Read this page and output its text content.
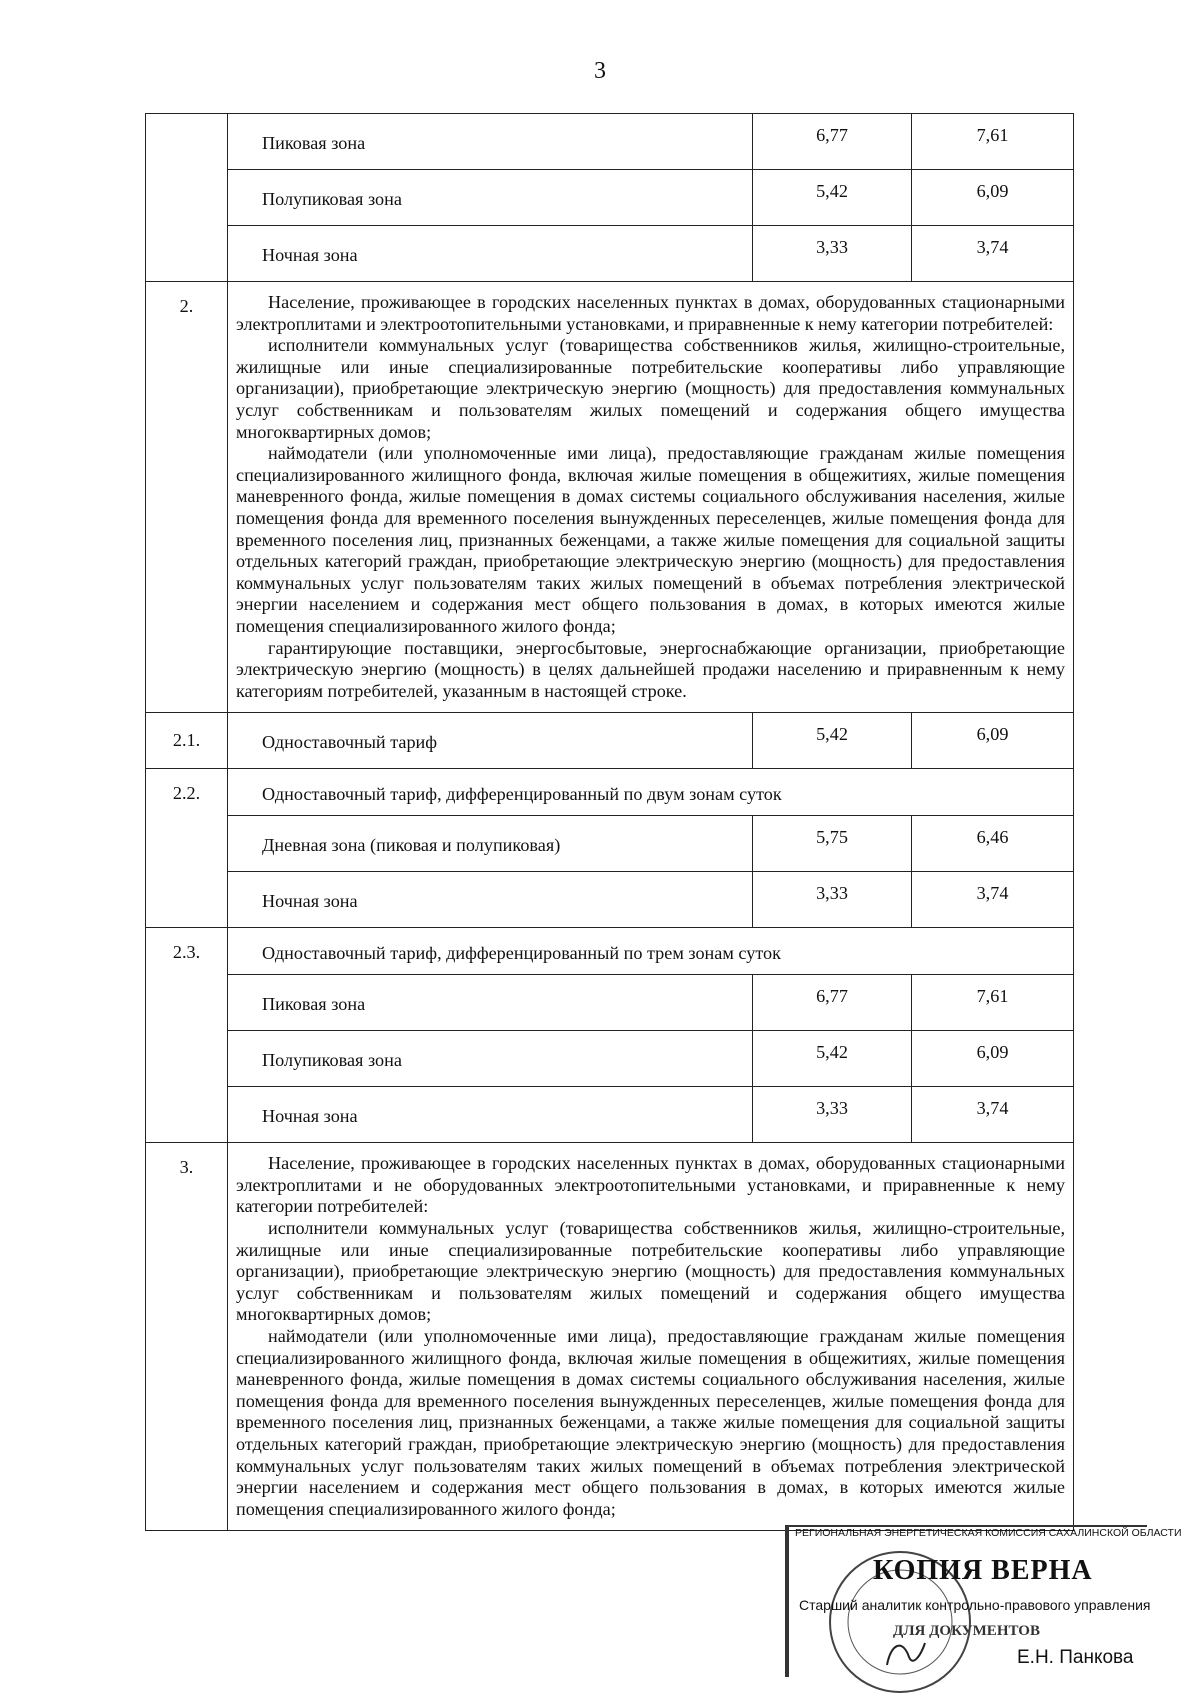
3
	Пиковая зона	6,77	7,61
	Полупиковая зона	5,42	6,09
	Ночная зона	3,33	3,74
2.	Население, проживающее в городских населенных пунктах в домах, оборудованных стационарными электроплитами и электроотопительными установками, и приравненные к нему категории потребителей:

исполнители коммунальных услуг (товарищества собственников жилья, жилищно-строительные, жилищные или иные специализированные потребительские кооперативы либо управляющие организации), приобретающие электрическую энергию (мощность) для предоставления коммунальных услуг собственникам и пользователям жилых помещений и содержания общего имущества многоквартирных домов;

наймодатели (или уполномоченные ими лица), предоставляющие гражданам жилые помещения специализированного жилищного фонда, включая жилые помещения в общежитиях, жилые помещения маневренного фонда, жилые помещения в домах системы социального обслуживания населения, жилые помещения фонда для временного поселения вынужденных переселенцев, жилые помещения фонда для временного поселения лиц, признанных беженцами, а также жилые помещения для социальной защиты отдельных категорий граждан, приобретающие электрическую энергию (мощность) для предоставления коммунальных услуг пользователям таких жилых помещений в объемах потребления электрической энергии населением и содержания мест общего пользования в домах, в которых имеются жилые помещения специализированного жилого фонда;

гарантирующие поставщики, энергосбытовые, энергоснабжающие организации, приобретающие электрическую энергию (мощность) в целях дальнейшей продажи населению и приравненным к нему категориям потребителей, указанным в настоящей строке.		

2.1.	Одноставочный тариф	5,42	6,09
2.2.	Одноставочный тариф, дифференцированный по двум зонам суток		
	Дневная зона (пиковая и полупиковая)	5,75	6,46
	Ночная зона	3,33	3,74
2.3.	Одноставочный тариф, дифференцированный по трем зонам суток		
	Пиковая зона	6,77	7,61
	Полупиковая зона	5,42	6,09
	Ночная зона	3,33	3,74
3.	Население, проживающее в городских населенных пунктах в домах, оборудованных стационарными электроплитами и не оборудованных электроотопительными установками, и приравненные к нему категории потребителей:

исполнители коммунальных услуг (товарищества собственников жилья, жилищно-строительные, жилищные или иные специализированные потребительские кооперативы либо управляющие организации), приобретающие электрическую энергию (мощность) для предоставления коммунальных услуг собственникам и пользователям жилых помещений и содержания общего имущества многоквартирных домов;

наймодатели (или уполномоченные ими лица), предоставляющие гражданам жилые помещения специализированного жилищного фонда, включая жилые помещения в общежитиях, жилые помещения маневренного фонда, жилые помещения в домах системы социального обслуживания населения, жилые помещения фонда для временного поселения вынужденных переселенцев, жилые помещения фонда для временного поселения лиц, признанных беженцами, а также жилые помещения для социальной защиты отдельных категорий граждан, приобретающие электрическую энергию (мощность) для предоставления коммунальных услуг пользователям таких жилых помещений в объемах потребления электрической энергии населением и содержания мест общего пользования в домах, в которых имеются жилые помещения специализированного жилого фонда;		

РЕГИОНАЛЬНАЯ ЭНЕРГЕТИЧЕСКАЯ КОМИССИЯ САХАЛИНСКОЙ ОБЛАСТИ
КОПИЯ ВЕРНА
Старший аналитик контрольно-правового управления
ДЛЯ ДОКУМЕНТОВ
Е.Н. Панкова
